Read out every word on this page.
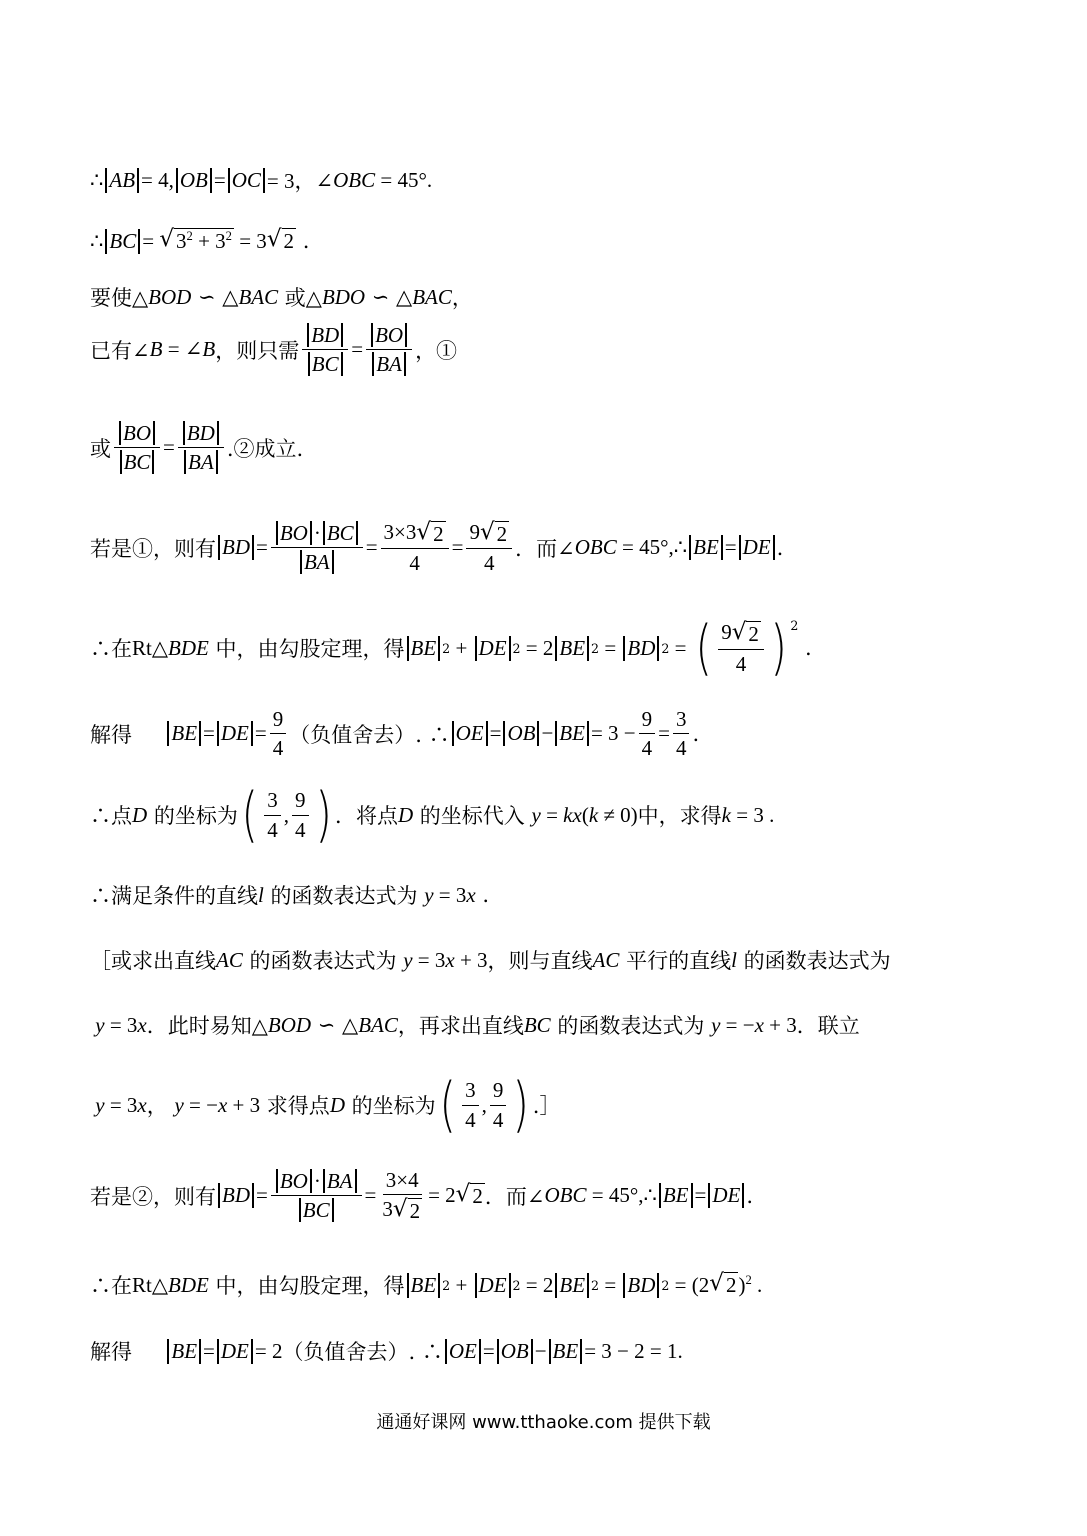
∴ AB = 4, OB = OC = 3，∠ OBC = 45°.
∴ BC = √ $3^2 + 3^2 = 3$ √ 2 .
要使△ BOD ∽ △ BAC 或△ BDO ∽ △ BAC ，
已有∠ B = ∠ B ，则只需 $\frac{BD}{BC} = \frac{BO}{BA}$ ，①
或 $\frac{BO}{BC} = \frac{BD}{BA}$ .②成立.
若是①，则有 BD = $\frac{BO \cdot BC}{BA} = \frac{3\times 3 √ 2}{4} = \frac{9 √ 2}{4}$ ．而∠ OBC = 45°,∴ BE = DE .
∴在 Rt △ BDE 中，由勾股定理，得 BE 2 + DE 2 = 2 BE 2 = BD 2 = ( $\frac{9 √ 2}{4}$ ) $^2$
.
解得 BE = DE = $\frac{9}{4}$ （负值舍去）. ∴ OE = OB − BE = $3 - \frac{9}{4} = \frac{3}{4}$ .
∴点 D 的坐标为 ( $\frac{3}{4}$ , $\frac{9}{4}$ ) ．将点 D 的坐标代入 y = kx ( k ≠ 0) 中，求得 k = 3 .
∴满足条件的直线 l 的函数表达式为 y = 3 x .
［或求出直线 AC 的函数表达式为 y = 3 x + 3 ，则与直线 AC 平行的直线 l 的函数表达式为
y = 3 x ．此时易知△ BOD ∽ △ BAC ，再求出直线 BC 的函数表达式为 y = − x + 3 ．联立
y = 3 x ， y = − x + 3 求得点 D 的坐标为 ( $\frac{3}{4}$ , $\frac{9}{4}$ ) .］
若是②，则有 BD = $\frac{BO \cdot BA}{BC} = \frac{3\times 4}{3 √ 2} = 2$ √ 2 ．而∠ OBC = 45°,∴ BE = DE .
∴在 Rt △ BDE 中，由勾股定理，得 BE 2 + DE 2 = 2 BE 2 = BD 2 = (2 √ 2 )$^2$ .
解得 BE = DE = 2 （负值舍去）. ∴ OE = OB − BE = 3 − 2 = 1.
通通好课网 www.tthaoke.com 提供下载
